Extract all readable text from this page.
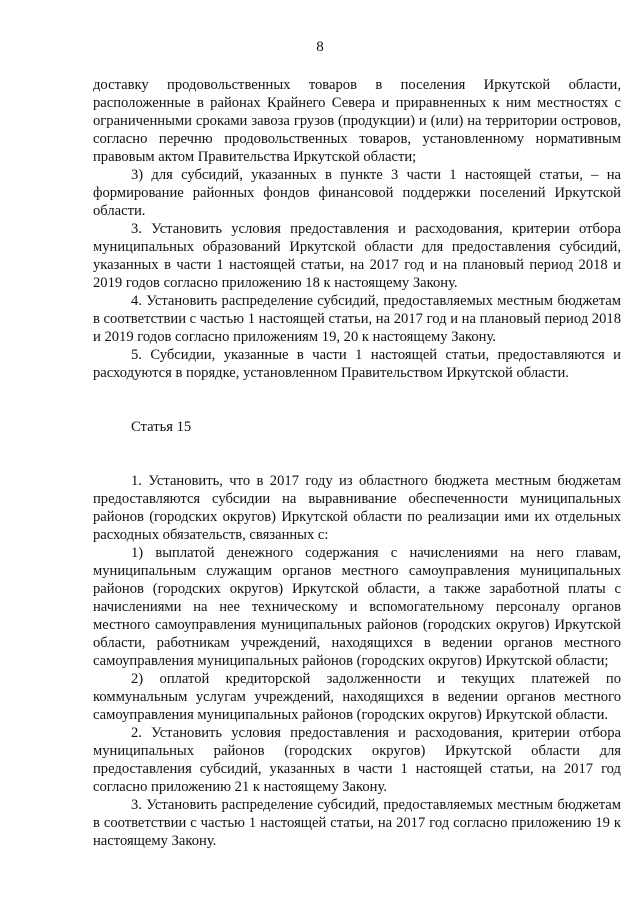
8

доставку продовольственных товаров в поселения Иркутской области, расположенные в районах Крайнего Севера и приравненных к ним местностях с ограниченными сроками завоза грузов (продукции) и (или) на территории островов, согласно перечню продовольственных товаров, установленному нормативным правовым актом Правительства Иркутской области;

3) для субсидий, указанных в пункте 3 части 1 настоящей статьи, – на формирование районных фондов финансовой поддержки поселений Иркутской области.

3. Установить условия предоставления и расходования, критерии отбора муниципальных образований Иркутской области для предоставления субсидий, указанных в части 1 настоящей статьи, на 2017 год и на плановый период 2018 и 2019 годов согласно приложению 18 к настоящему Закону.

4. Установить распределение субсидий, предоставляемых местным бюджетам в соответствии с частью 1 настоящей статьи, на 2017 год и на плановый период 2018 и 2019 годов согласно приложениям 19, 20 к настоящему Закону.

5. Субсидии, указанные в части 1 настоящей статьи, предоставляются и расходуются в порядке, установленном Правительством Иркутской области.

Статья 15

1. Установить, что в 2017 году из областного бюджета местным бюджетам предоставляются субсидии на выравнивание обеспеченности муниципальных районов (городских округов) Иркутской области по реализации ими их отдельных расходных обязательств, связанных с:

1) выплатой денежного содержания с начислениями на него главам, муниципальным служащим органов местного самоуправления муниципальных районов (городских округов) Иркутской области, а также заработной платы с начислениями на нее техническому и вспомогательному персоналу органов местного самоуправления муниципальных районов (городских округов) Иркутской области, работникам учреждений, находящихся в ведении органов местного самоуправления муниципальных районов (городских округов) Иркутской области;

2) оплатой кредиторской задолженности и текущих платежей по коммунальным услугам учреждений, находящихся в ведении органов местного самоуправления муниципальных районов (городских округов) Иркутской области.

2. Установить условия предоставления и расходования, критерии отбора муниципальных районов (городских округов) Иркутской области для предоставления субсидий, указанных в части 1 настоящей статьи, на 2017 год согласно приложению 21 к настоящему Закону.

3. Установить распределение субсидий, предоставляемых местным бюджетам в соответствии с частью 1 настоящей статьи, на 2017 год согласно приложению 19 к настоящему Закону.
